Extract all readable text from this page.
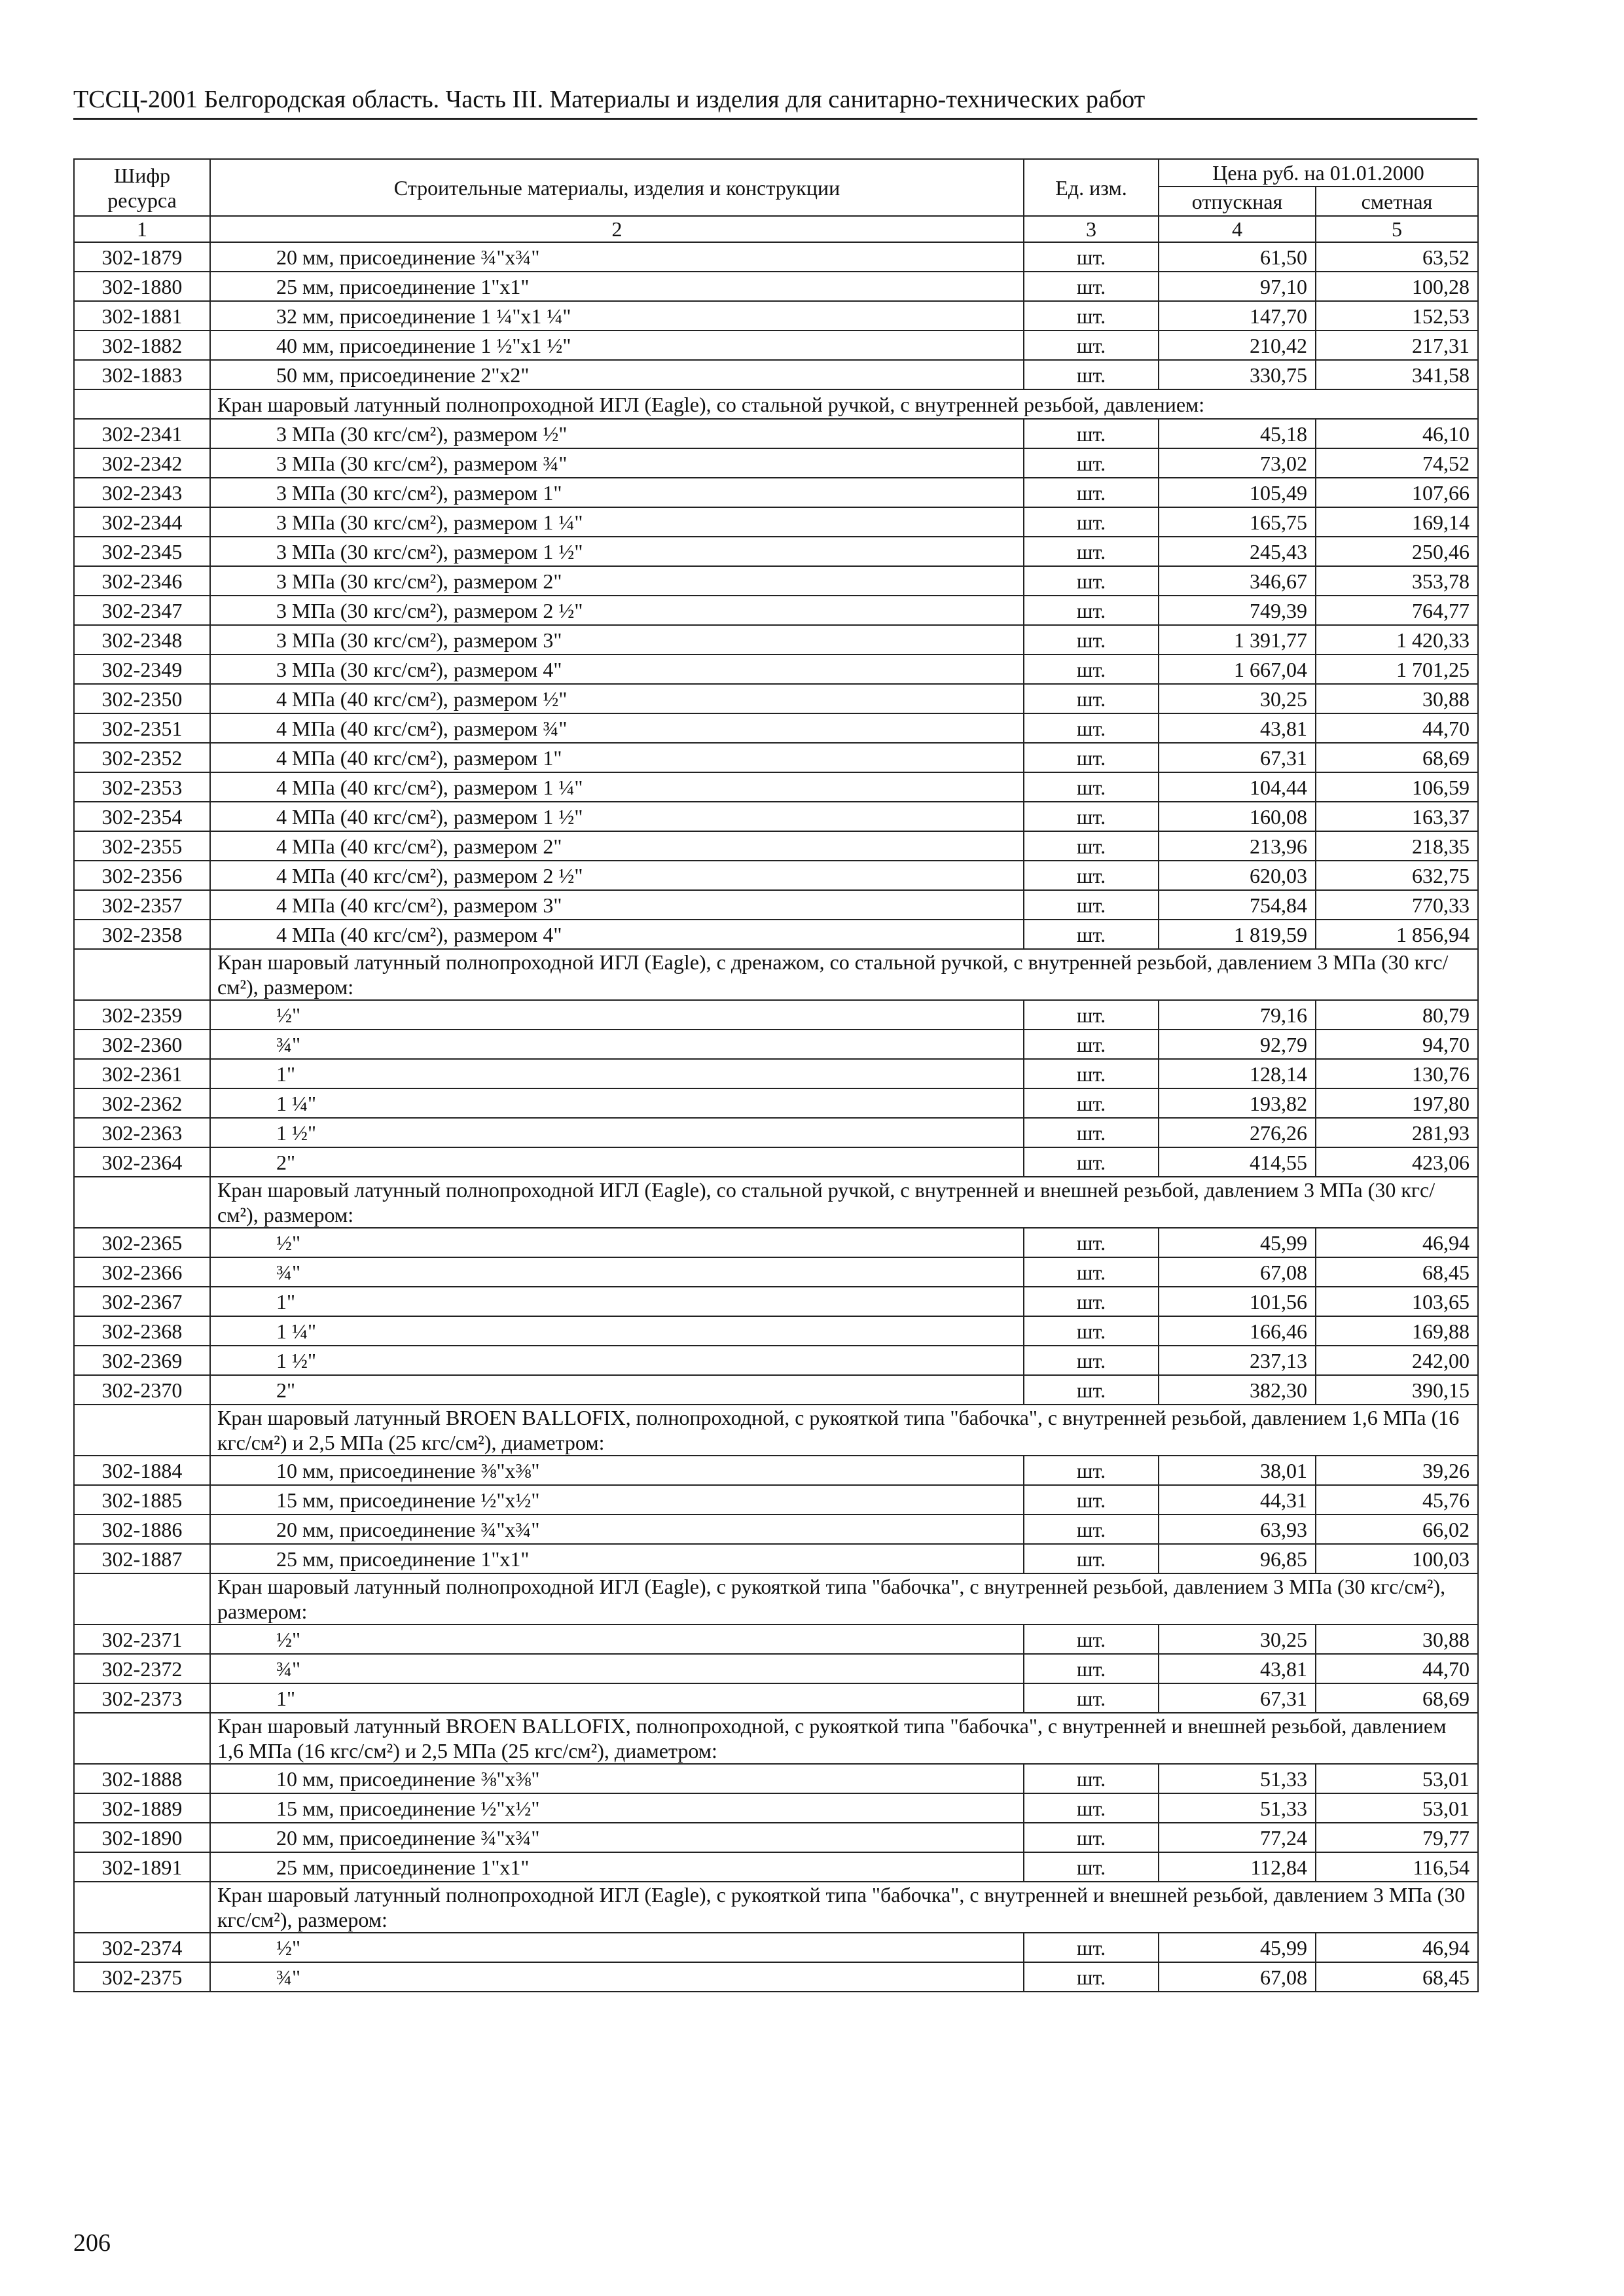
ТССЦ-2001 Белгородская область. Часть III. Материалы и изделия для санитарно-технических работ
Шифр ресурса	Строительные материалы, изделия и конструкции	Ед. изм.	Цена руб. на 01.01.2000	
			отпускная	сметная
1	2	3	4	5
302-1879	20 мм, присоединение ¾"х¾"	шт.	61,50	63,52
302-1880	25 мм, присоединение 1"х1"	шт.	97,10	100,28
302-1881	32 мм, присоединение 1 ¼"х1 ¼"	шт.	147,70	152,53
302-1882	40 мм, присоединение 1 ½"х1 ½"	шт.	210,42	217,31
302-1883	50 мм, присоединение 2"х2"	шт.	330,75	341,58
	Кран шаровый латунный полнопроходной ИГЛ (Eagle), со стальной ручкой, с внутренней резьбой, давлением:			
302-2341	3 МПа (30 кгс/см²), размером ½"	шт.	45,18	46,10
302-2342	3 МПа (30 кгс/см²), размером ¾"	шт.	73,02	74,52
302-2343	3 МПа (30 кгс/см²), размером 1"	шт.	105,49	107,66
302-2344	3 МПа (30 кгс/см²), размером 1 ¼"	шт.	165,75	169,14
302-2345	3 МПа (30 кгс/см²), размером 1 ½"	шт.	245,43	250,46
302-2346	3 МПа (30 кгс/см²), размером 2"	шт.	346,67	353,78
302-2347	3 МПа (30 кгс/см²), размером 2 ½"	шт.	749,39	764,77
302-2348	3 МПа (30 кгс/см²), размером 3"	шт.	1 391,77	1 420,33
302-2349	3 МПа (30 кгс/см²), размером 4"	шт.	1 667,04	1 701,25
302-2350	4 МПа (40 кгс/см²), размером ½"	шт.	30,25	30,88
302-2351	4 МПа (40 кгс/см²), размером ¾"	шт.	43,81	44,70
302-2352	4 МПа (40 кгс/см²), размером 1"	шт.	67,31	68,69
302-2353	4 МПа (40 кгс/см²), размером 1 ¼"	шт.	104,44	106,59
302-2354	4 МПа (40 кгс/см²), размером 1 ½"	шт.	160,08	163,37
302-2355	4 МПа (40 кгс/см²), размером 2"	шт.	213,96	218,35
302-2356	4 МПа (40 кгс/см²), размером 2 ½"	шт.	620,03	632,75
302-2357	4 МПа (40 кгс/см²), размером 3"	шт.	754,84	770,33
302-2358	4 МПа (40 кгс/см²), размером 4"	шт.	1 819,59	1 856,94
	Кран шаровый латунный полнопроходной ИГЛ (Eagle), с дренажом, со стальной ручкой, с внутренней резьбой, давлением 3 МПа (30 кгс/см²), размером:			
302-2359	½"	шт.	79,16	80,79
302-2360	¾"	шт.	92,79	94,70
302-2361	1"	шт.	128,14	130,76
302-2362	1 ¼"	шт.	193,82	197,80
302-2363	1 ½"	шт.	276,26	281,93
302-2364	2"	шт.	414,55	423,06
	Кран шаровый латунный полнопроходной ИГЛ (Eagle), со стальной ручкой, с внутренней и внешней резьбой, давлением 3 МПа (30 кгс/см²), размером:			
302-2365	½"	шт.	45,99	46,94
302-2366	¾"	шт.	67,08	68,45
302-2367	1"	шт.	101,56	103,65
302-2368	1 ¼"	шт.	166,46	169,88
302-2369	1 ½"	шт.	237,13	242,00
302-2370	2"	шт.	382,30	390,15
	Кран шаровый латунный BROEN BALLOFIX, полнопроходной, с рукояткой типа "бабочка", с внутренней резьбой, давлением 1,6 МПа (16 кгс/см²) и 2,5 МПа (25 кгс/см²), диаметром:			
302-1884	10 мм, присоединение ⅜"х⅜"	шт.	38,01	39,26
302-1885	15 мм, присоединение ½"х½"	шт.	44,31	45,76
302-1886	20 мм, присоединение ¾"х¾"	шт.	63,93	66,02
302-1887	25 мм, присоединение 1"х1"	шт.	96,85	100,03
	Кран шаровый латунный полнопроходной ИГЛ (Eagle), с рукояткой типа "бабочка", с внутренней резьбой, давлением 3 МПа (30 кгс/см²), размером:			
302-2371	½"	шт.	30,25	30,88
302-2372	¾"	шт.	43,81	44,70
302-2373	1"	шт.	67,31	68,69
	Кран шаровый латунный BROEN BALLOFIX, полнопроходной, с рукояткой типа "бабочка", с внутренней и внешней резьбой, давлением 1,6 МПа (16 кгс/см²) и 2,5 МПа (25 кгс/см²), диаметром:			
302-1888	10 мм, присоединение ⅜"х⅜"	шт.	51,33	53,01
302-1889	15 мм, присоединение ½"х½"	шт.	51,33	53,01
302-1890	20 мм, присоединение ¾"х¾"	шт.	77,24	79,77
302-1891	25 мм, присоединение 1"х1"	шт.	112,84	116,54
	Кран шаровый латунный полнопроходной ИГЛ (Eagle), с рукояткой типа "бабочка", с внутренней и внешней резьбой, давлением 3 МПа (30 кгс/см²), размером:			
302-2374	½"	шт.	45,99	46,94
302-2375	¾"	шт.	67,08	68,45
206
